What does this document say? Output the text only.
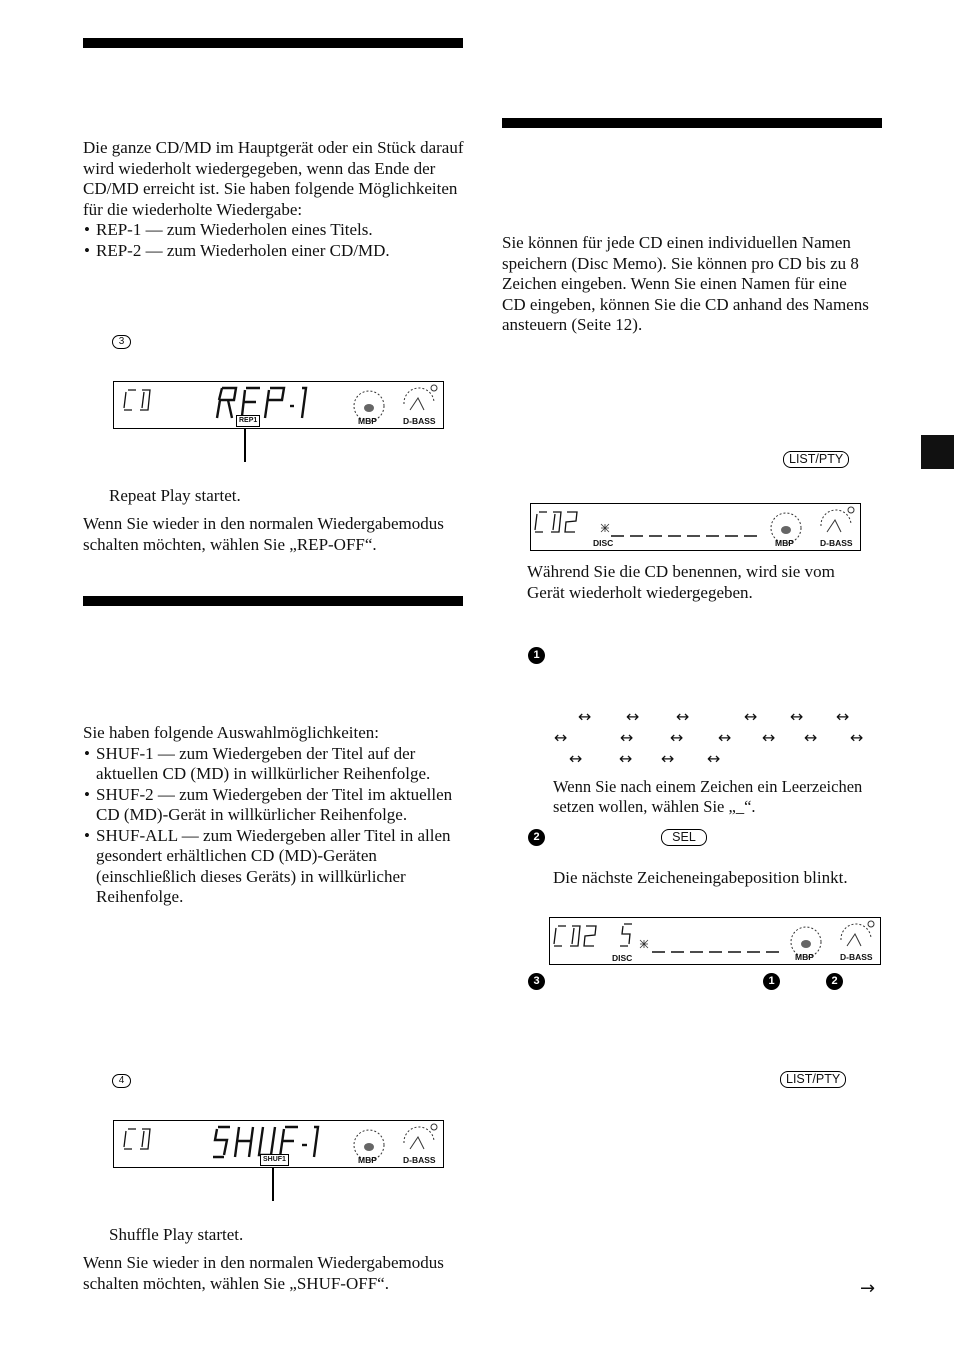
Die ganze CD/MD im Hauptgerät oder ein Stück darauf wird wiederholt wiedergegeben, wenn das Ende der CD/MD erreicht ist. Sie haben folgende Möglichkeiten für die wiederholte Wiedergabe:

• REP-1 — zum Wiederholen eines Titels.

• REP-2 — zum Wiederholen einer CD/MD.

3
MBP	D-BASS
REP1
Repeat Play startet.
Wenn Sie wieder in den normalen Wiedergabemodus schalten möchten, wählen Sie „REP-OFF“.

Sie haben folgende Auswahlmöglichkeiten:

• SHUF-1 — zum Wiedergeben der Titel auf der aktuellen CD (MD) in willkürlicher Reihenfolge.

• SHUF-2 — zum Wiedergeben der Titel im aktuellen CD (MD)-Gerät in willkürlicher Reihenfolge.

• SHUF-ALL — zum Wiedergeben aller Titel in allen gesondert erhältlichen CD (MD)-Geräten (einschließlich dieses Geräts) in willkürlicher Reihenfolge.

4
MBP	D-BASS
SHUF1
Shuffle Play startet.
Wenn Sie wieder in den normalen Wiedergabemodus schalten möchten, wählen Sie „SHUF-OFF“.
Sie können für jede CD einen individuellen Namen speichern (Disc Memo). Sie können pro CD bis zu 8 Zeichen eingeben. Wenn Sie einen Namen für eine CD eingeben, können Sie die CD anhand des Namens ansteuern (Seite 12).
LIST/PTY
DISC	MBP	D-BASS
Während Sie die CD benennen, wird sie vom Gerät wiederholt wiedergegeben.
1
↔ ↔ ↔	↔ ↔ ↔
↔	↔ ↔ ↔ ↔ ↔ ↔
↔ ↔ ↔ ↔
Wenn Sie nach einem Zeichen ein Leerzeichen setzen wollen, wählen Sie „_“.
2	SEL
Die nächste Zeicheneingabeposition blinkt.
DISC	MBP	D-BASS
3	1	2
LIST/PTY
→
